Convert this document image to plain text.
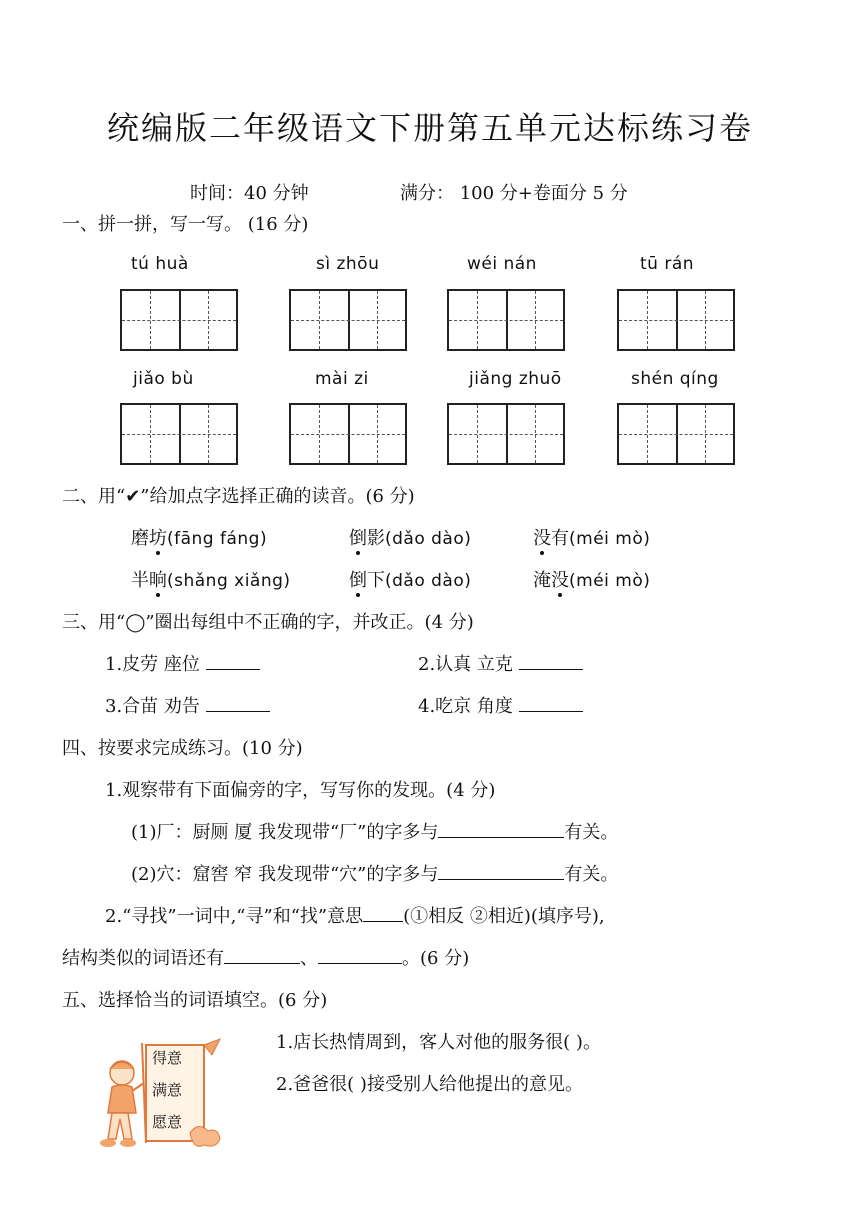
统编版二年级语文下册第五单元达标练习卷
时间：40 分钟	满分： 100 分+卷面分 5 分
一、拼一拼，写一写。 (16 分)
tú huà	sì zhōu	wéi nán	tū rán
jiǎo bù	mài zi	jiǎng zhuō	shén qíng
二、用“✔”给加点字选择正确的读音。(6 分)
磨坊(fāng fáng)	倒影(dǎo dào)	没有(méi mò)
半晌(shǎng xiǎng)	倒下(dǎo dào)	淹没(méi mò)
三、用“◯”圈出每组中不正确的字，并改正。(4 分)
1.皮劳 座位	2.认真 立克
3.合苗 劝告	4.吃京 角度
四、按要求完成练习。(10 分)
1.观察带有下面偏旁的字，写写你的发现。(4 分)
(1)厂：厨厕 厦 我发现带“厂”的字多与	有关。
(2)穴：窟窖 窄 我发现带“穴”的字多与	有关。
2.“寻找”一词中,“寻”和“找”意思 (①相反 ②相近)(填序号),
结构类似的词语还有	、	。(6 分)
五、选择恰当的词语填空。(6 分)
1.店长热情周到，客人对他的服务很( )。
2.爸爸很( )接受别人给他提出的意见。
得意
满意
愿意
